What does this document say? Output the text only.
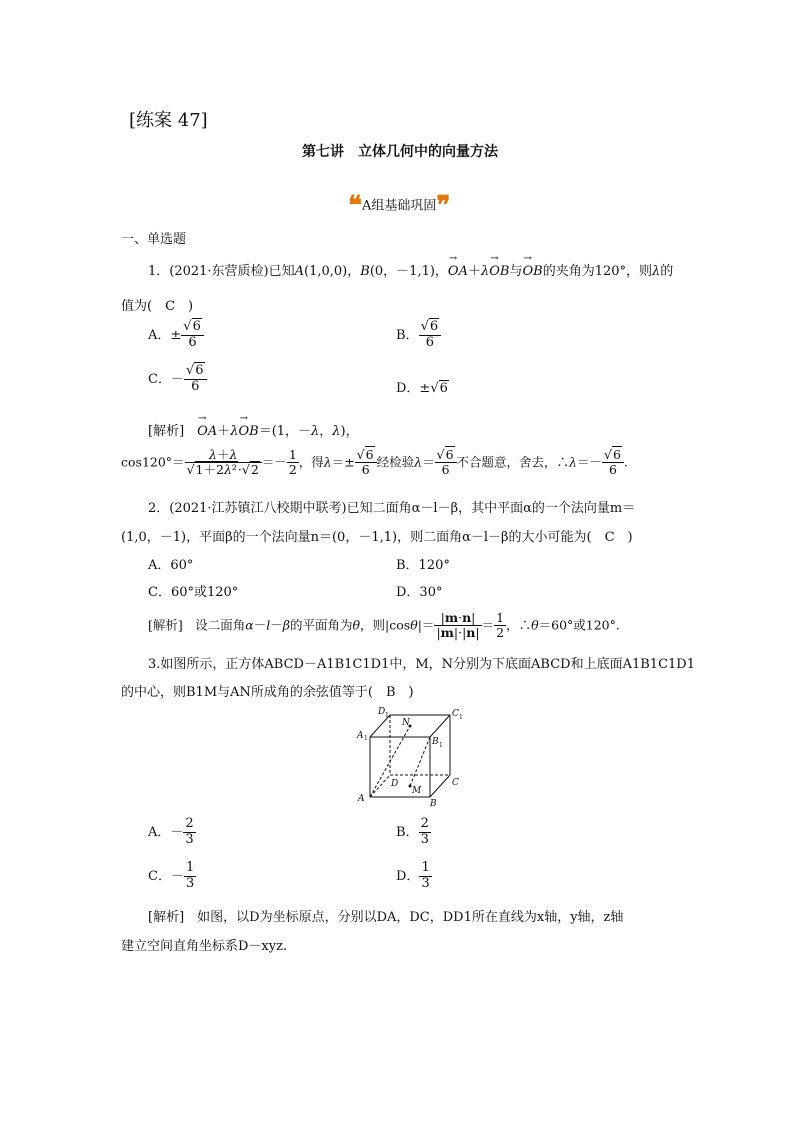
[练案 47]
第七讲　立体几何中的向量方法
❝A组基础巩固❞
一、单选题
1．(2021·东营质检)已知A(1,0,0)，B(0，－1,1)，→ OA＋λ→ OB与→ OB的夹角为120°，则λ的
值为(　C　)
A．± $\frac{√6}{6}$	B． $\frac{√6}{6}$
C．－ $\frac{√6}{6}$	D．±√6
[解析]　→ OA＋λ→ OB＝(1，－λ，λ)，
$\cos 120^\circ= \frac{\lambda+\lambda}{\text{√1＋2λ²·√2}} =- \frac{1}{2}$ ，得$\lambda=\pm \frac{√6}{6}$ 经检验$\lambda= \frac{√6}{6}$ 不合题意，舍去，∴λ＝－ $\frac{√6}{6}$ .
2．(2021·江苏镇江八校期中联考)已知二面角α－l－β，其中平面α的一个法向量m＝
(1,0，－1)，平面β的一个法向量n＝(0，－1,1)，则二面角α－l－β的大小可能为(　C　)
A．60°	B．120°
C．60°或120°	D．30°
[解析]　设二面角α－l－β的平面角为θ，则$|\cos\theta|= \frac{|m\cdot n|}{|m|\cdot|n|} = \frac{1}{2}$ ，∴θ＝60°或120°.
3.如图所示，正方体ABCD－A1B1C1D1中，M，N分别为下底面ABCD和上底面A1B1C1D1
的中心，则B1M与AN所成角的余弦值等于(　B　)
A	B
C
D
A
B
C
D
N
M
1
1
1
1
A．－ $\frac{2}{3}$	B． $\frac{2}{3}$
C．－ $\frac{1}{3}$	D． $\frac{1}{3}$
[解析]　如图，以D为坐标原点，分别以DA，DC，DD1所在直线为x轴，y轴，z轴
建立空间直角坐标系D－xyz.
